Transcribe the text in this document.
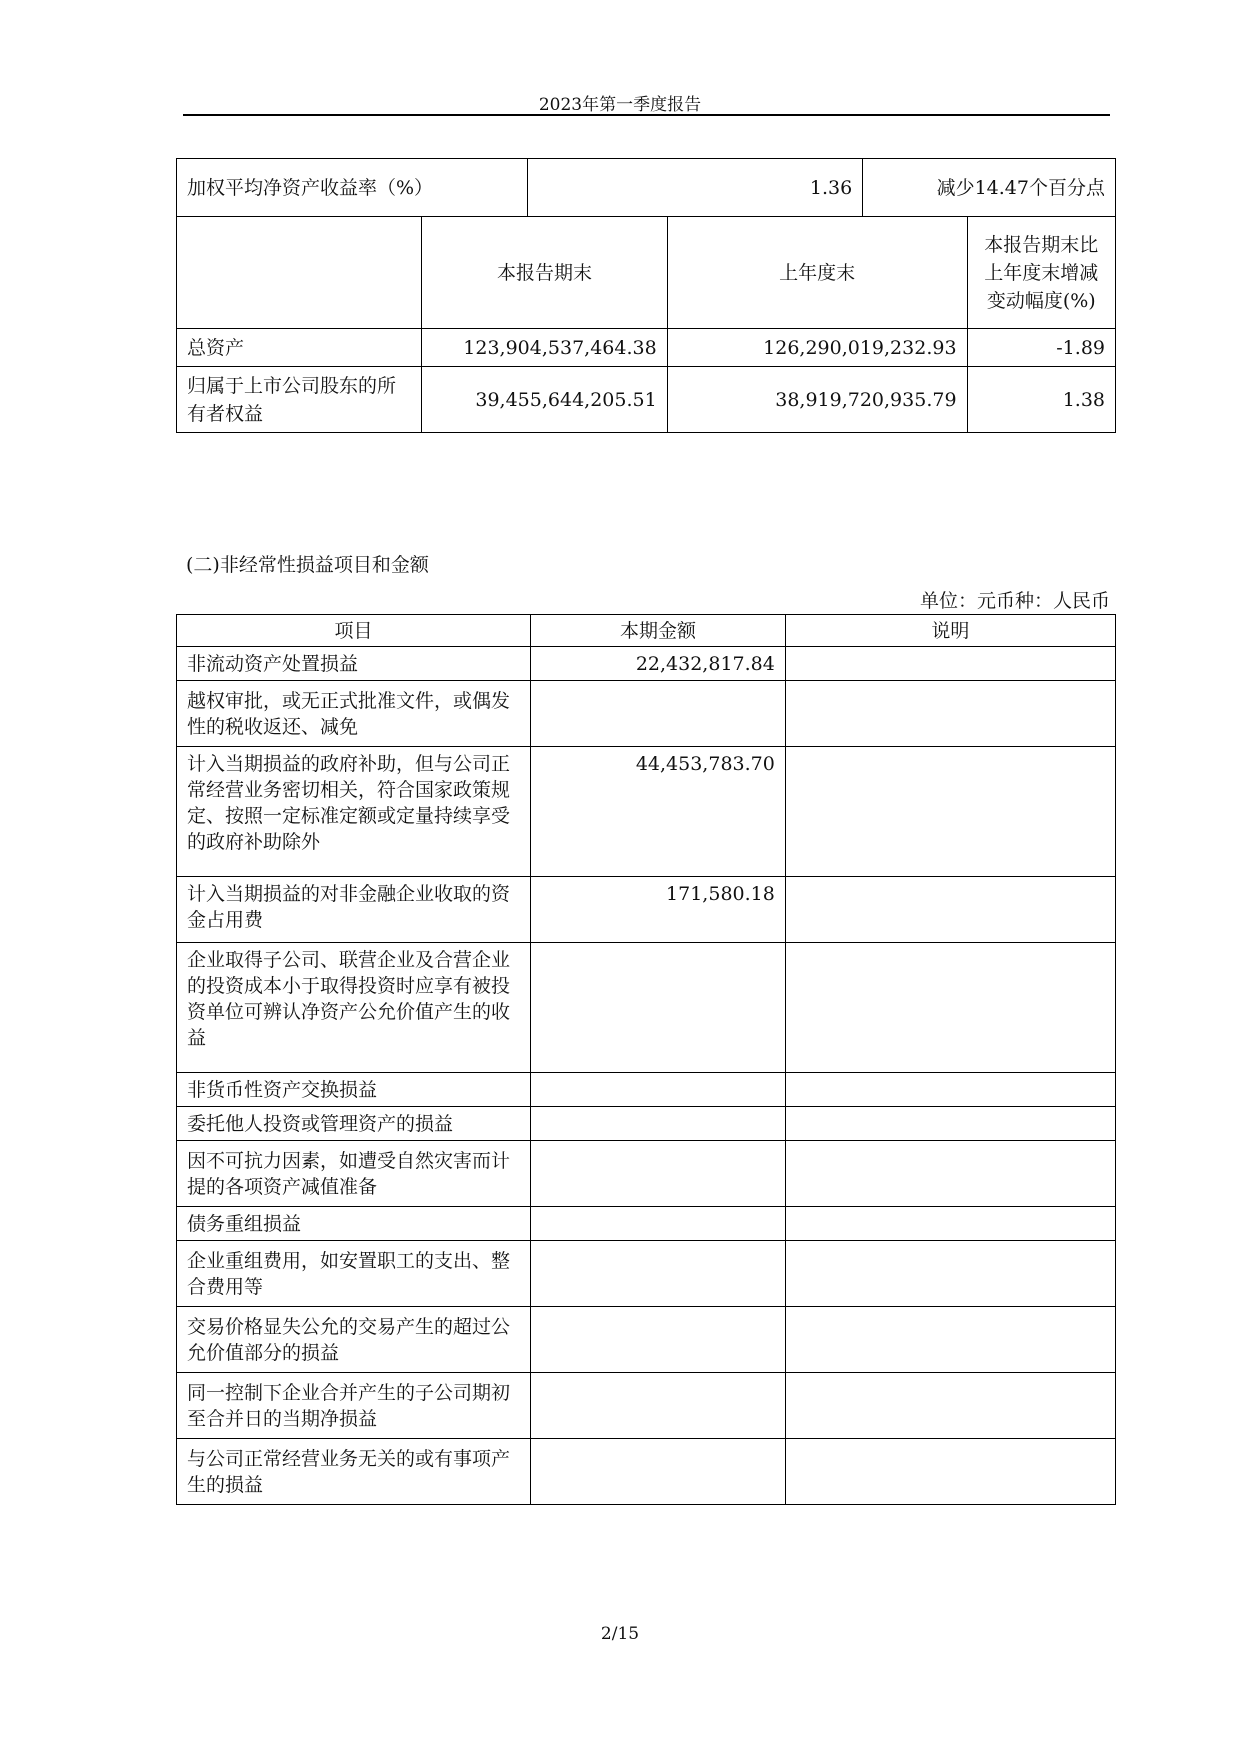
2023年第一季度报告
加权平均净资产收益率（%）	1.36	减少14.47个百分点
	本报告期末	上年度末	本报告期末比上年度末增减变动幅度(%)
总资产	123,904,537,464.38	126,290,019,232.93	-1.89
归属于上市公司股东的所有者权益	39,455,644,205.51	38,919,720,935.79	1.38
(二)非经常性损益项目和金额
单位：元币种：人民币
项目	本期金额	说明
非流动资产处置损益	22,432,817.84	
越权审批，或无正式批准文件，或偶发性的税收返还、减免		
计入当期损益的政府补助，但与公司正常经营业务密切相关，符合国家政策规定、按照一定标准定额或定量持续享受的政府补助除外	44,453,783.70	
计入当期损益的对非金融企业收取的资金占用费	171,580.18	
企业取得子公司、联营企业及合营企业的投资成本小于取得投资时应享有被投资单位可辨认净资产公允价值产生的收益		
非货币性资产交换损益		
委托他人投资或管理资产的损益		
因不可抗力因素，如遭受自然灾害而计提的各项资产减值准备		
债务重组损益		
企业重组费用，如安置职工的支出、整合费用等		
交易价格显失公允的交易产生的超过公允价值部分的损益		
同一控制下企业合并产生的子公司期初至合并日的当期净损益		
与公司正常经营业务无关的或有事项产生的损益		
2/15
